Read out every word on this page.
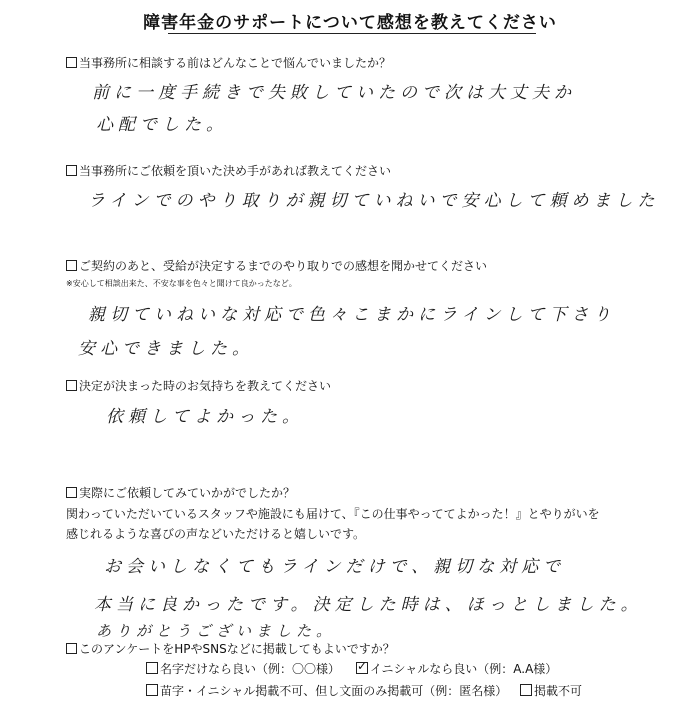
障害年金のサポートについて感想を教えてください
当事務所に相談する前はどんなことで悩んでいましたか？
前に一度手続きで失敗していたので次は大丈夫か
心配でした。
当事務所にご依頼を頂いた決め手があれば教えてください
ラインでのやり取りが親切ていねいで安心して頼めました
ご契約のあと、受給が決定するまでのやり取りでの感想を聞かせてください
※安心して相談出来た、不安な事を色々と聞けて良かったなど。
親切ていねいな対応で色々こまかにラインして下さり
安心できました。
決定が決まった時のお気持ちを教えてください
依頼してよかった。
実際にご依頼してみていかがでしたか？
関わっていただいているスタッフや施設にも届けて、『この仕事やっててよかった！』とやりがいを
感じれるような喜びの声などいただけると嬉しいです。
お会いしなくてもラインだけで、親切な対応で
本当に良かったです。決定した時は、ほっとしました。
ありがとうございました。
このアンケートをHPやSNSなどに掲載してもよいですか？
名字だけなら良い（例：〇〇様）
✓	イニシャルなら良い（例：A.A様）
苗字・イニシャル掲載不可、但し文面のみ掲載可（例：匿名様）	掲載不可
